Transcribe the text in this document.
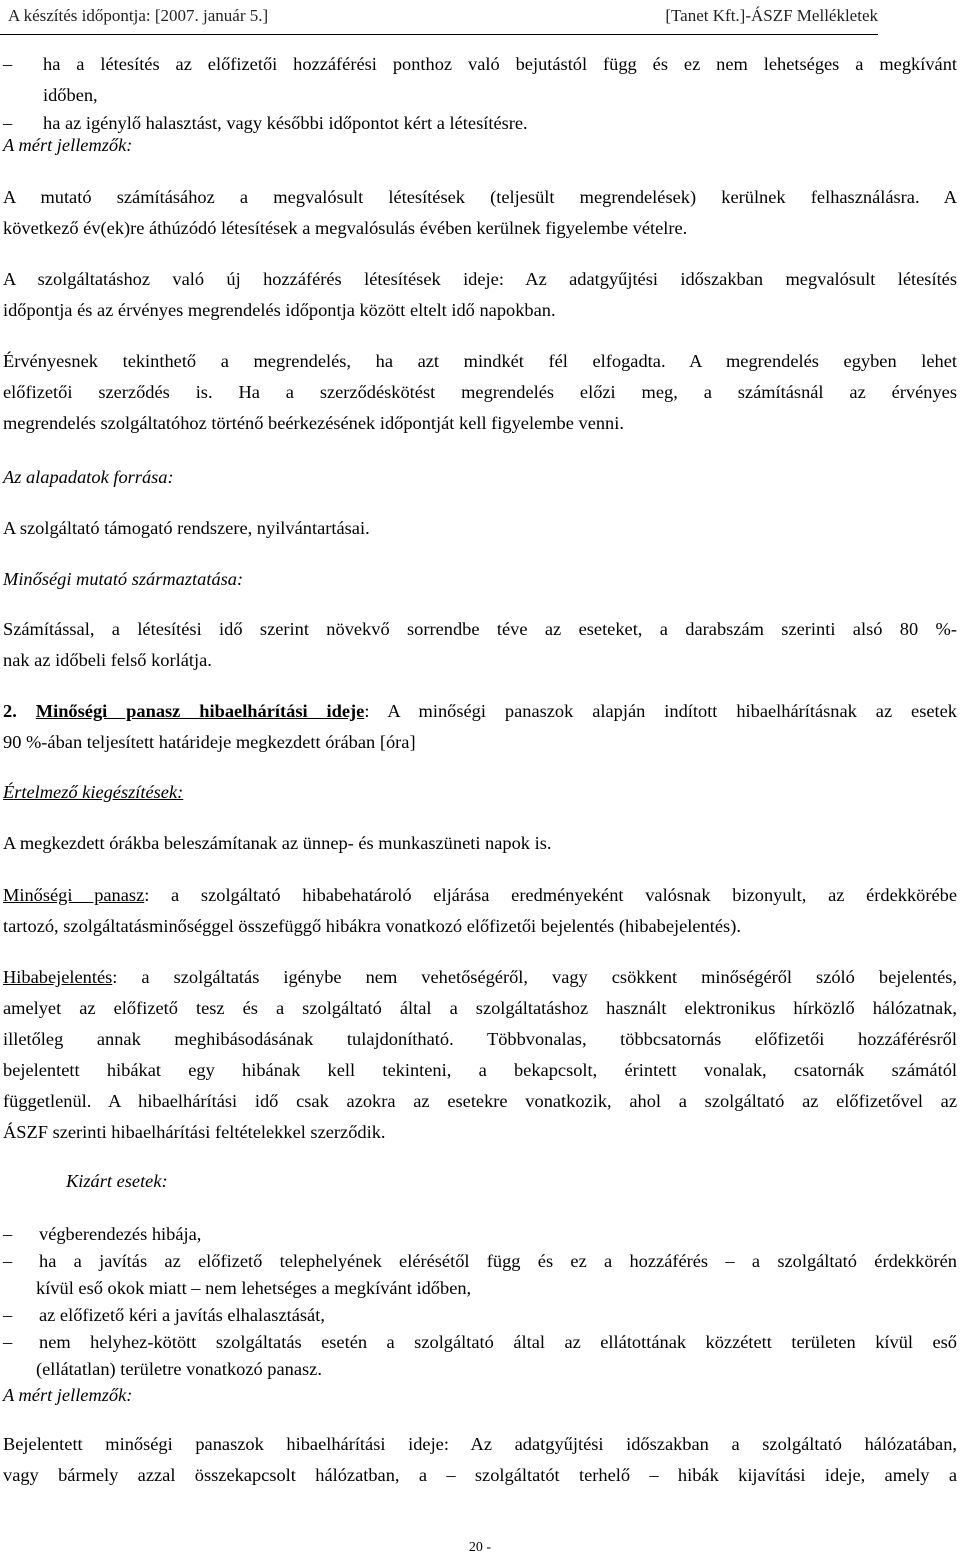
A készítés időpontja: [2007. január 5.]	[Tanet Kft.]-ÁSZF Mellékletek
– ha a létesítés az előfizetői hozzáférési ponthoz való bejutástól függ és ez nem lehetséges a megkívánt
időben,
– ha az igénylő halasztást, vagy későbbi időpontot kért a létesítésre.
A mért jellemzők:
A mutató számításához a megvalósult létesítések (teljesült megrendelések) kerülnek felhasználásra. A
következő év(ek)re áthúzódó létesítések a megvalósulás évében kerülnek figyelembe vételre.
A szolgáltatáshoz való új hozzáférés létesítések ideje: Az adatgyűjtési időszakban megvalósult létesítés
időpontja és az érvényes megrendelés időpontja között eltelt idő napokban.
Érvényesnek tekinthető a megrendelés, ha azt mindkét fél elfogadta. A megrendelés egyben lehet
előfizetői szerződés is. Ha a szerződéskötést megrendelés előzi meg, a számításnál az érvényes
megrendelés szolgáltatóhoz történő beérkezésének időpontját kell figyelembe venni.
Az alapadatok forrása:
A szolgáltató támogató rendszere, nyilvántartásai.
Minőségi mutató származtatása:
Számítással, a létesítési idő szerint növekvő sorrendbe téve az eseteket, a darabszám szerinti alsó 80 %-
nak az időbeli felső korlátja.
2. Minőségi panasz hibaelhárítási ideje: A minőségi panaszok alapján indított hibaelhárításnak az esetek
90 %-ában teljesített határideje megkezdett órában [óra]
Értelmező kiegészítések:
A megkezdett órákba beleszámítanak az ünnep- és munkaszüneti napok is.
Minőségi panasz: a szolgáltató hibabehatároló eljárása eredményeként valósnak bizonyult, az érdekkörébe
tartozó, szolgáltatásminőséggel összefüggő hibákra vonatkozó előfizetői bejelentés (hibabejelentés).
Hibabejelentés: a szolgáltatás igénybe nem vehetőségéről, vagy csökkent minőségéről szóló bejelentés,
amelyet az előfizető tesz és a szolgáltató által a szolgáltatáshoz használt elektronikus hírközlő hálózatnak,
illetőleg annak meghibásodásának tulajdonítható. Többvonalas, többcsatornás előfizetői hozzáférésről
bejelentett hibákat egy hibának kell tekinteni, a bekapcsolt, érintett vonalak, csatornák számától
függetlenül. A hibaelhárítási idő csak azokra az esetekre vonatkozik, ahol a szolgáltató az előfizetővel az
ÁSZF szerinti hibaelhárítási feltételekkel szerződik.
Kizárt esetek:
– végberendezés hibája,
– ha a javítás az előfizető telephelyének elérésétől függ és ez a hozzáférés – a szolgáltató érdekkörén
kívül eső okok miatt – nem lehetséges a megkívánt időben,
– az előfizető kéri a javítás elhalasztását,
– nem helyhez-kötött szolgáltatás esetén a szolgáltató által az ellátottának közzétett területen kívül eső
(ellátatlan) területre vonatkozó panasz.
A mért jellemzők:
Bejelentett minőségi panaszok hibaelhárítási ideje: Az adatgyűjtési időszakban a szolgáltató hálózatában,
vagy bármely azzal összekapcsolt hálózatban, a – szolgáltatót terhelő – hibák kijavítási ideje, amely a
20 -
